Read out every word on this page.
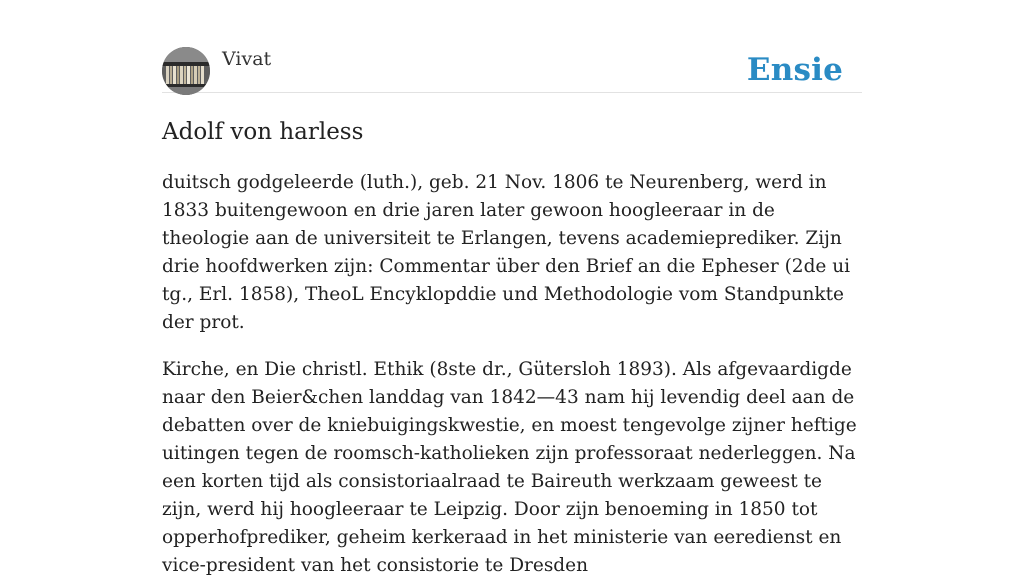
Vivat	Ensie
Adolf von harless

duitsch godgeleerde (luth.), geb. 21 Nov. 1806 te Neurenberg, werd in 1833 buitengewoon en drie jaren later gewoon hoogleeraar in de theologie aan de universiteit te Erlangen, tevens academieprediker. Zijn drie hoofdwerken zijn: Commentar über den Brief an die Epheser (2de ui tg., Erl. 1858), TheoL Encyklopddie und Methodologie vom Standpunkte der prot.

Kirche, en Die christl. Ethik (8ste dr., Gütersloh 1893). Als afgevaardigde naar den Beier&chen landdag van 1842—43 nam hij levendig deel aan de debatten over de kniebuigingskwestie, en moest tengevolge zijner heftige uitingen tegen de roomsch-katholieken zijn professoraat nederleggen. Na een korten tijd als consistoriaalraad te Baireuth werkzaam geweest te zijn, werd hij hoogleeraar te Leipzig. Door zijn benoeming in 1850 tot opperhofprediker, geheim kerkeraad in het ministerie van eeredienst en vice-president van het consistorie te Dresden
